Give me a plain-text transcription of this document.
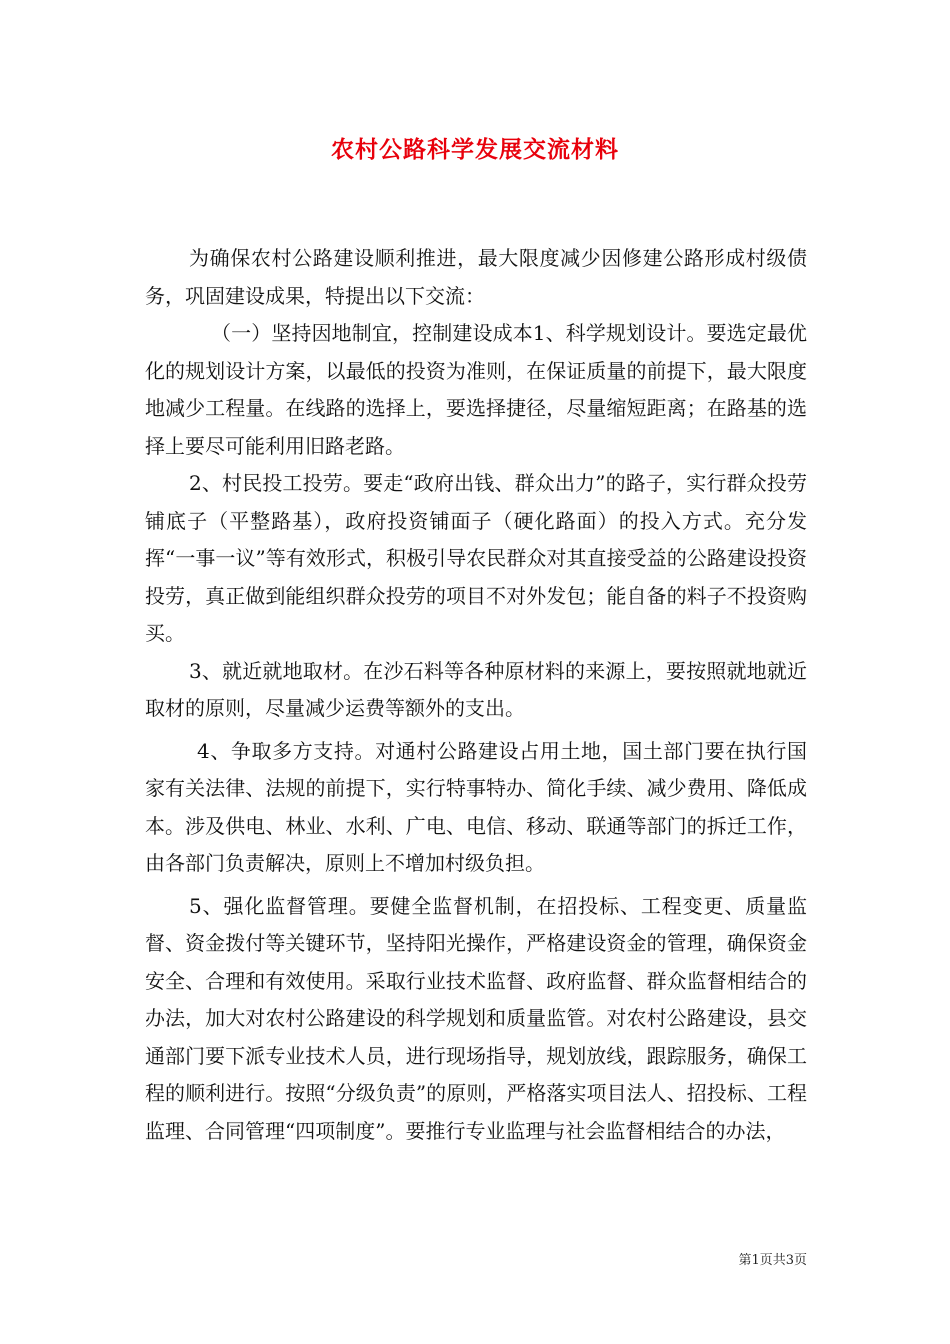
农村公路科学发展交流材料

为确保农村公路建设顺利推进，最大限度减少因修建公路形成村级债务，巩固建设成果，特提出以下交流：

（一）坚持因地制宜，控制建设成本1、科学规划设计。要选定最优化的规划设计方案，以最低的投资为准则，在保证质量的前提下，最大限度地减少工程量。在线路的选择上，要选择捷径，尽量缩短距离；在路基的选择上要尽可能利用旧路老路。

2、村民投工投劳。要走“政府出钱、群众出力”的路子，实行群众投劳铺底子（平整路基），政府投资铺面子（硬化路面）的投入方式。充分发挥“一事一议”等有效形式，积极引导农民群众对其直接受益的公路建设投资投劳，真正做到能组织群众投劳的项目不对外发包；能自备的料子不投资购买。

3、就近就地取材。在沙石料等各种原材料的来源上，要按照就地就近取材的原则，尽量减少运费等额外的支出。

4、争取多方支持。对通村公路建设占用土地，国土部门要在执行国家有关法律、法规的前提下，实行特事特办、简化手续、减少费用、降低成本。涉及供电、林业、水利、广电、电信、移动、联通等部门的拆迁工作，由各部门负责解决，原则上不增加村级负担。

5、强化监督管理。要健全监督机制，在招投标、工程变更、质量监督、资金拨付等关键环节，坚持阳光操作，严格建设资金的管理，确保资金安全、合理和有效使用。采取行业技术监督、政府监督、群众监督相结合的办法，加大对农村公路建设的科学规划和质量监管。对农村公路建设，县交通部门要下派专业技术人员，进行现场指导，规划放线，跟踪服务，确保工程的顺利进行。按照“分级负责”的原则，严格落实项目法人、招投标、工程监理、合同管理“四项制度”。要推行专业监理与社会监督相结合的办法，

第1页共3页
